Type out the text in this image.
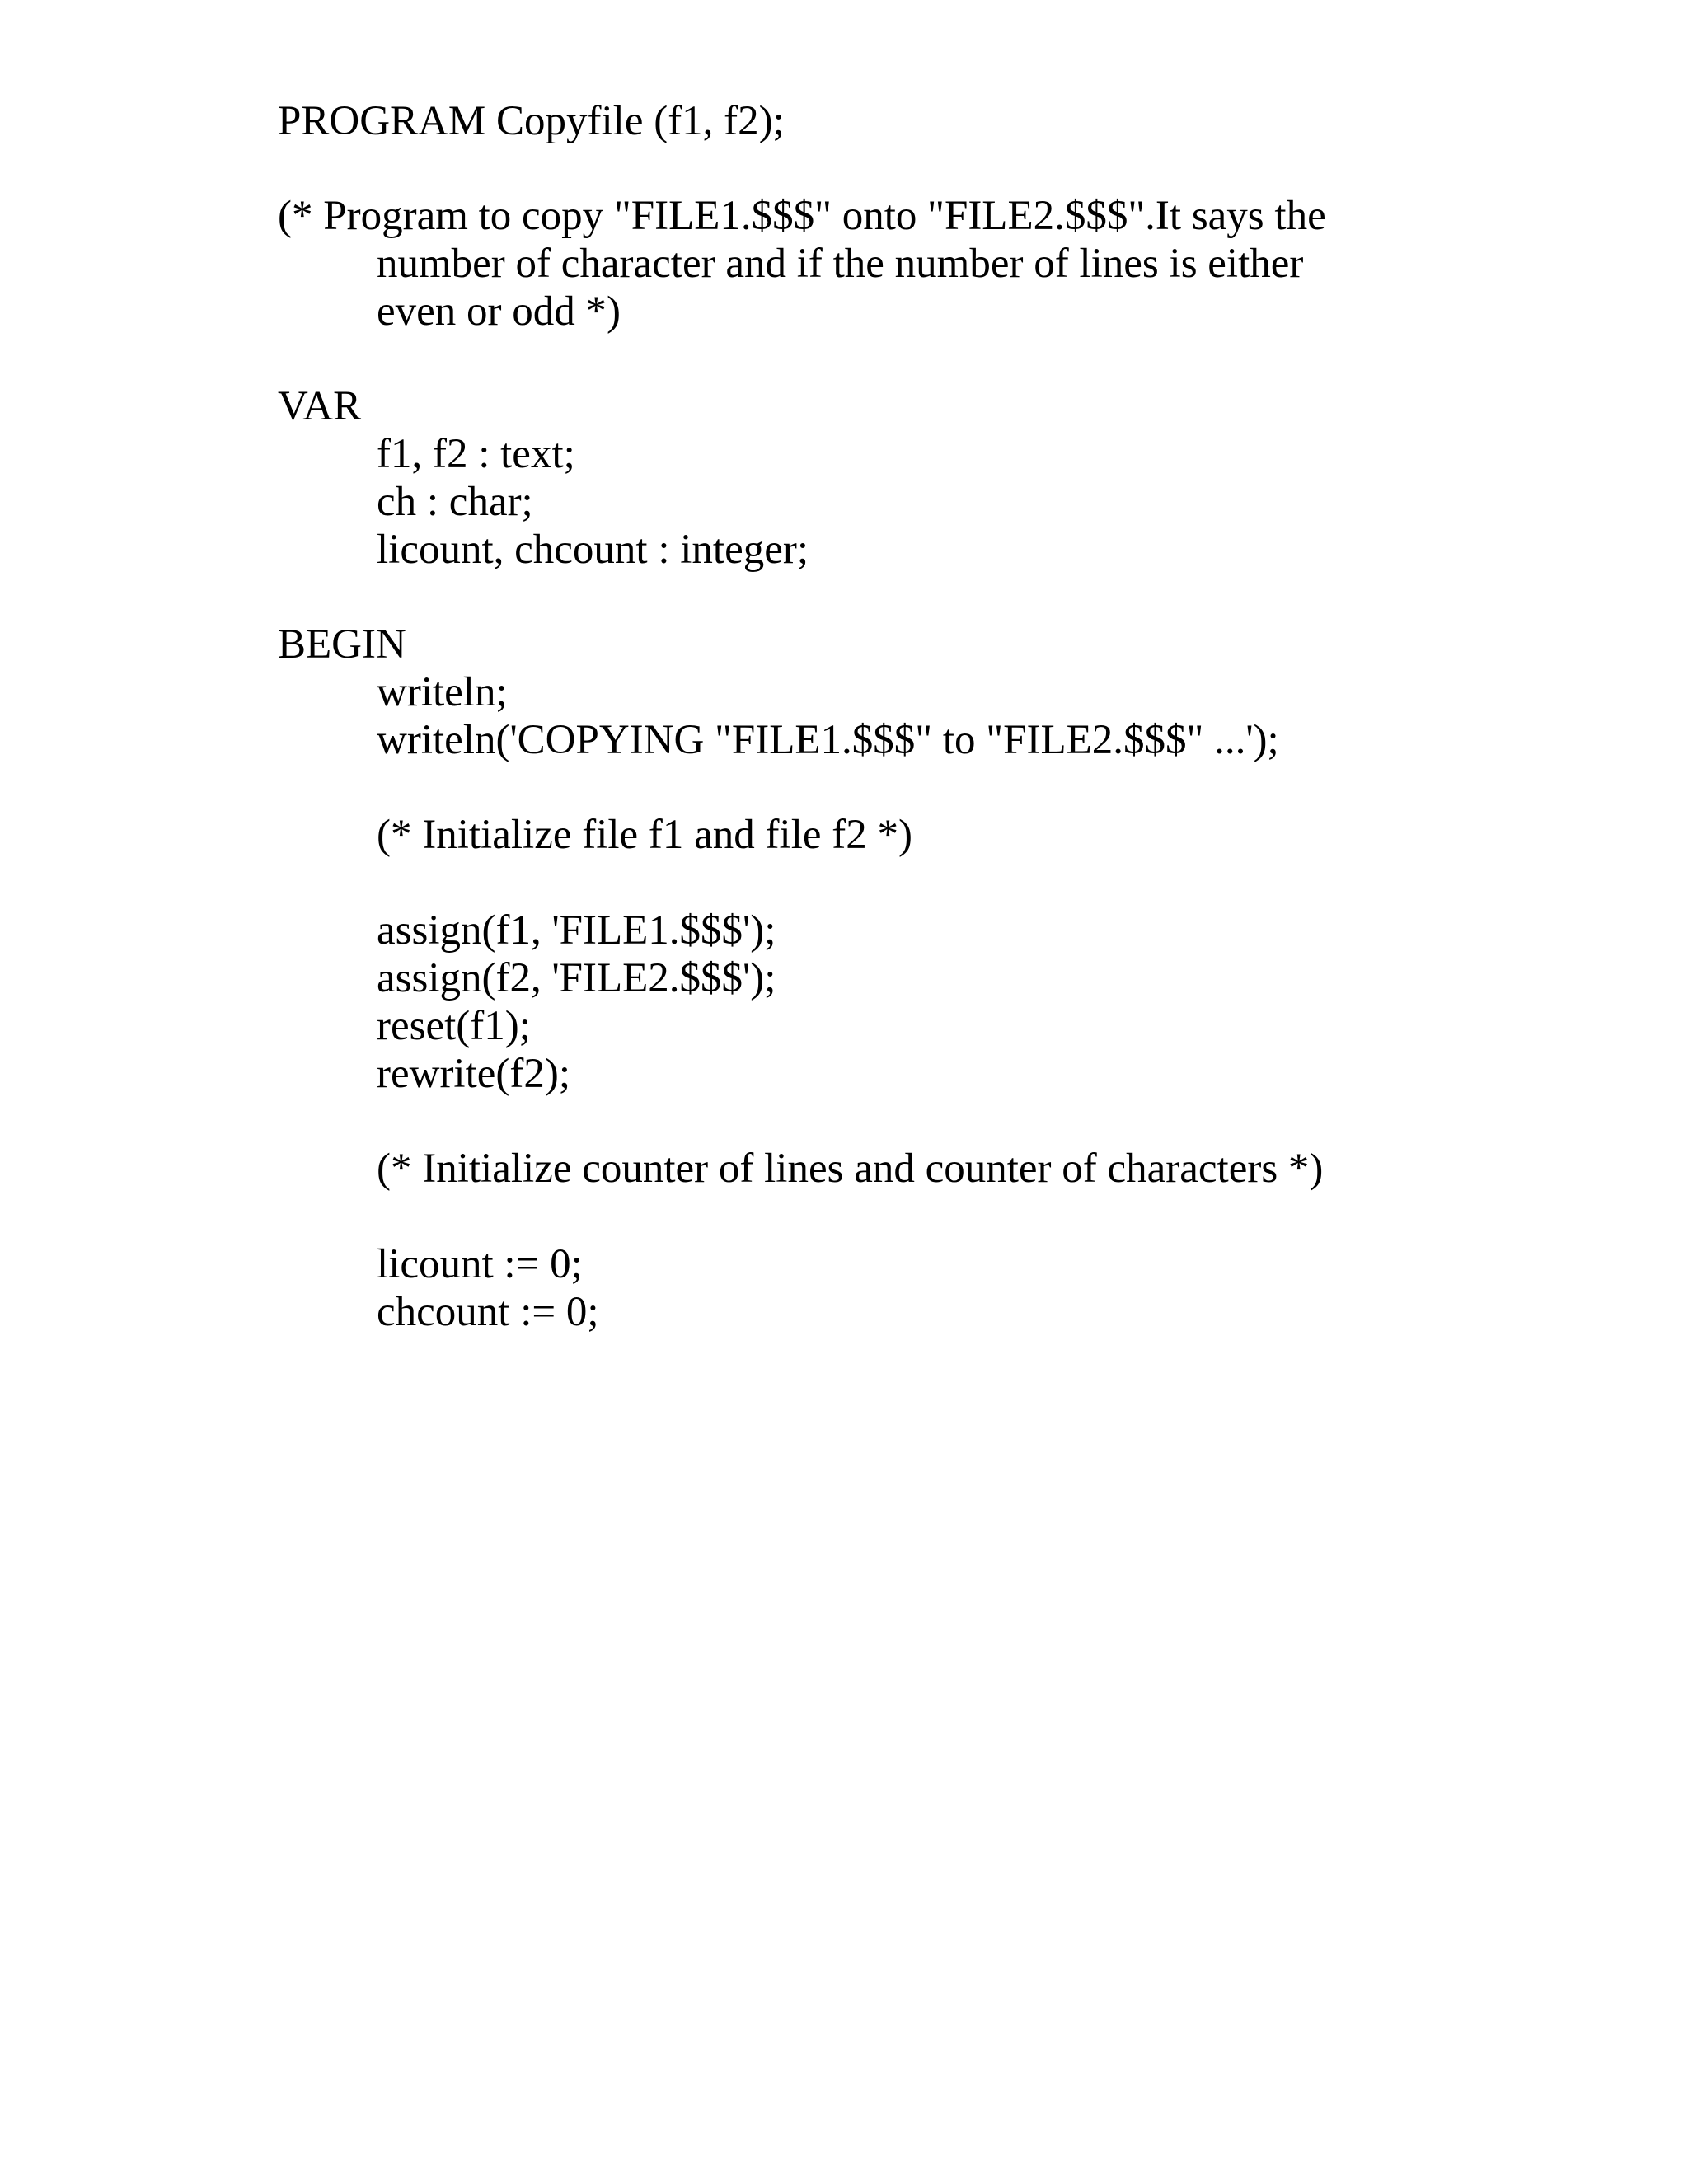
PROGRAM Copyfile (f1, f2);
(* Program to copy "FILE1.$$$" onto "FILE2.$$$".It says the
number of character and if the number of lines is either
even or odd *)
VAR
f1, f2 : text;
ch : char;
licount, chcount : integer;
BEGIN
writeln;
writeln('COPYING "FILE1.$$$" to "FILE2.$$$" ...');
(* Initialize file f1 and file f2 *)
assign(f1, 'FILE1.$$$');
assign(f2, 'FILE2.$$$');
reset(f1);
rewrite(f2);
(* Initialize counter of lines and counter of characters *)
licount := 0;
chcount := 0;
